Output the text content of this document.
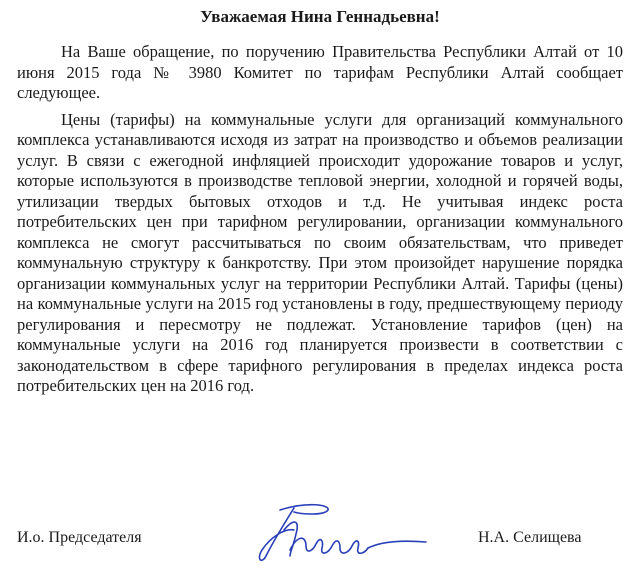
Уважаемая Нина Геннадьевна!

На Ваше обращение, по поручению Правительства Республики Алтай от 10 июня 2015 года № 3980 Комитет по тарифам Республики Алтай сообщает следующее.

Цены (тарифы) на коммунальные услуги для организаций коммунального комплекса устанавливаются исходя из затрат на производство и объемов реализации услуг. В связи с ежегодной инфляцией происходит удорожание товаров и услуг, которые используются в производстве тепловой энергии, холодной и горячей воды, утилизации твердых бытовых отходов и т.д. Не учитывая индекс роста потребительских цен при тарифном регулировании, организации коммунального комплекса не смогут рассчитываться по своим обязательствам, что приведет коммунальную структуру к банкротству. При этом произойдет нарушение порядка организации коммунальных услуг на территории Республики Алтай. Тарифы (цены) на коммунальные услуги на 2015 год установлены в году, предшествующему периоду регулирования и пересмотру не подлежат. Установление тарифов (цен) на коммунальные услуги на 2016 год планируется произвести в соответствии с законодательством в сфере тарифного регулирования в пределах индекса роста потребительских цен на 2016 год.

И.о. Председателя	Н.А. Селищева
